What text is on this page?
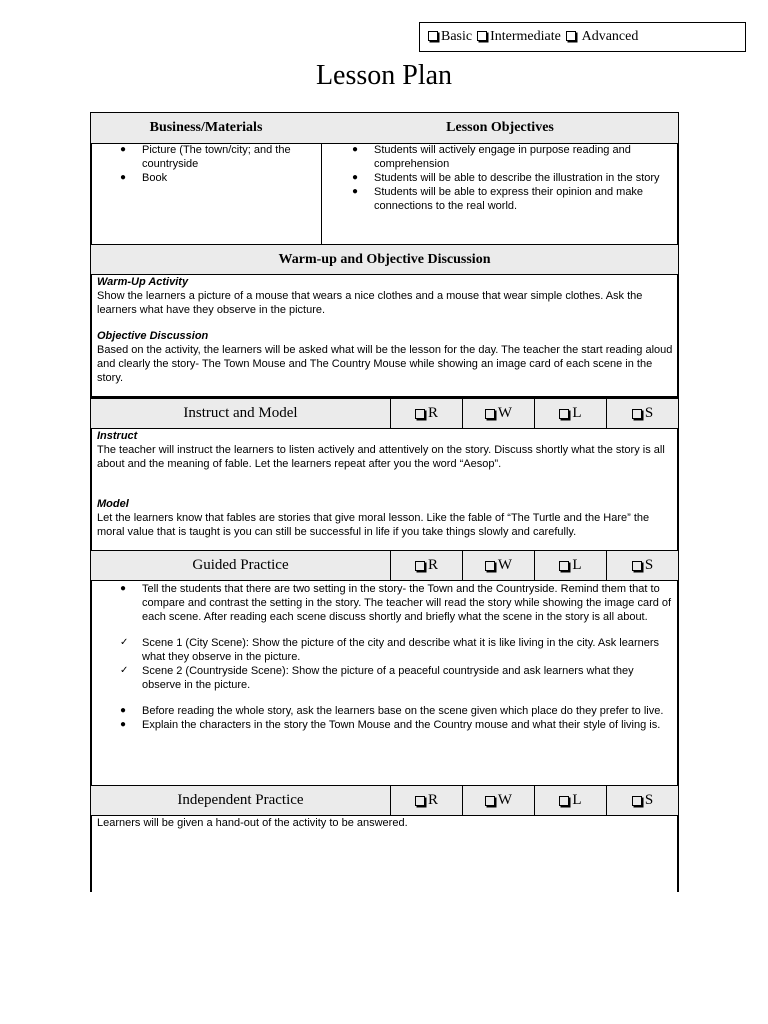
Basic	Intermediate	Advanced
Lesson Plan
Business/Materials	Lesson Objectives
● Picture (The town/city; and the countryside
● Book
● Students will actively engage in purpose reading and comprehension
● Students will be able to describe the illustration in the story
● Students will be able to express their opinion and make connections to the real world.
Warm-up and Objective Discussion
Warm-Up Activity
Show the learners a picture of a mouse that wears a nice clothes and a mouse that wear simple clothes. Ask the learners what have they observe in the picture.
Objective Discussion
Based on the activity, the learners will be asked what will be the lesson for the day. The teacher the start reading aloud and clearly the story- The Town Mouse and The Country Mouse while showing an image card of each scene in the story.
Instruct and Model	R	W	L	S
Instruct
The teacher will instruct the learners to listen actively and attentively on the story. Discuss shortly what the story is all about and the meaning of fable. Let the learners repeat after you the word “Aesop”.
Model
Let the learners know that fables are stories that give moral lesson. Like the fable of “The Turtle and the Hare” the moral value that is taught is you can still be successful in life if you take things slowly and carefully.
Guided Practice	R	W	L	S
● Tell the students that there are two setting in the story- the Town and the Countryside. Remind them that to compare and contrast the setting in the story. The teacher will read the story while showing the image card of each scene. After reading each scene discuss shortly and briefly what the scene in the story is all about.
✓ Scene 1 (City Scene): Show the picture of the city and describe what it is like living in the city. Ask learners what they observe in the picture.
✓ Scene 2 (Countryside Scene): Show the picture of a peaceful countryside and ask learners what they observe in the picture.
● Before reading the whole story, ask the learners base on the scene given which place do they prefer to live.
● Explain the characters in the story the Town Mouse and the Country mouse and what their style of living is.
Independent Practice	R	W	L	S
Learners will be given a hand-out of the activity to be answered.
